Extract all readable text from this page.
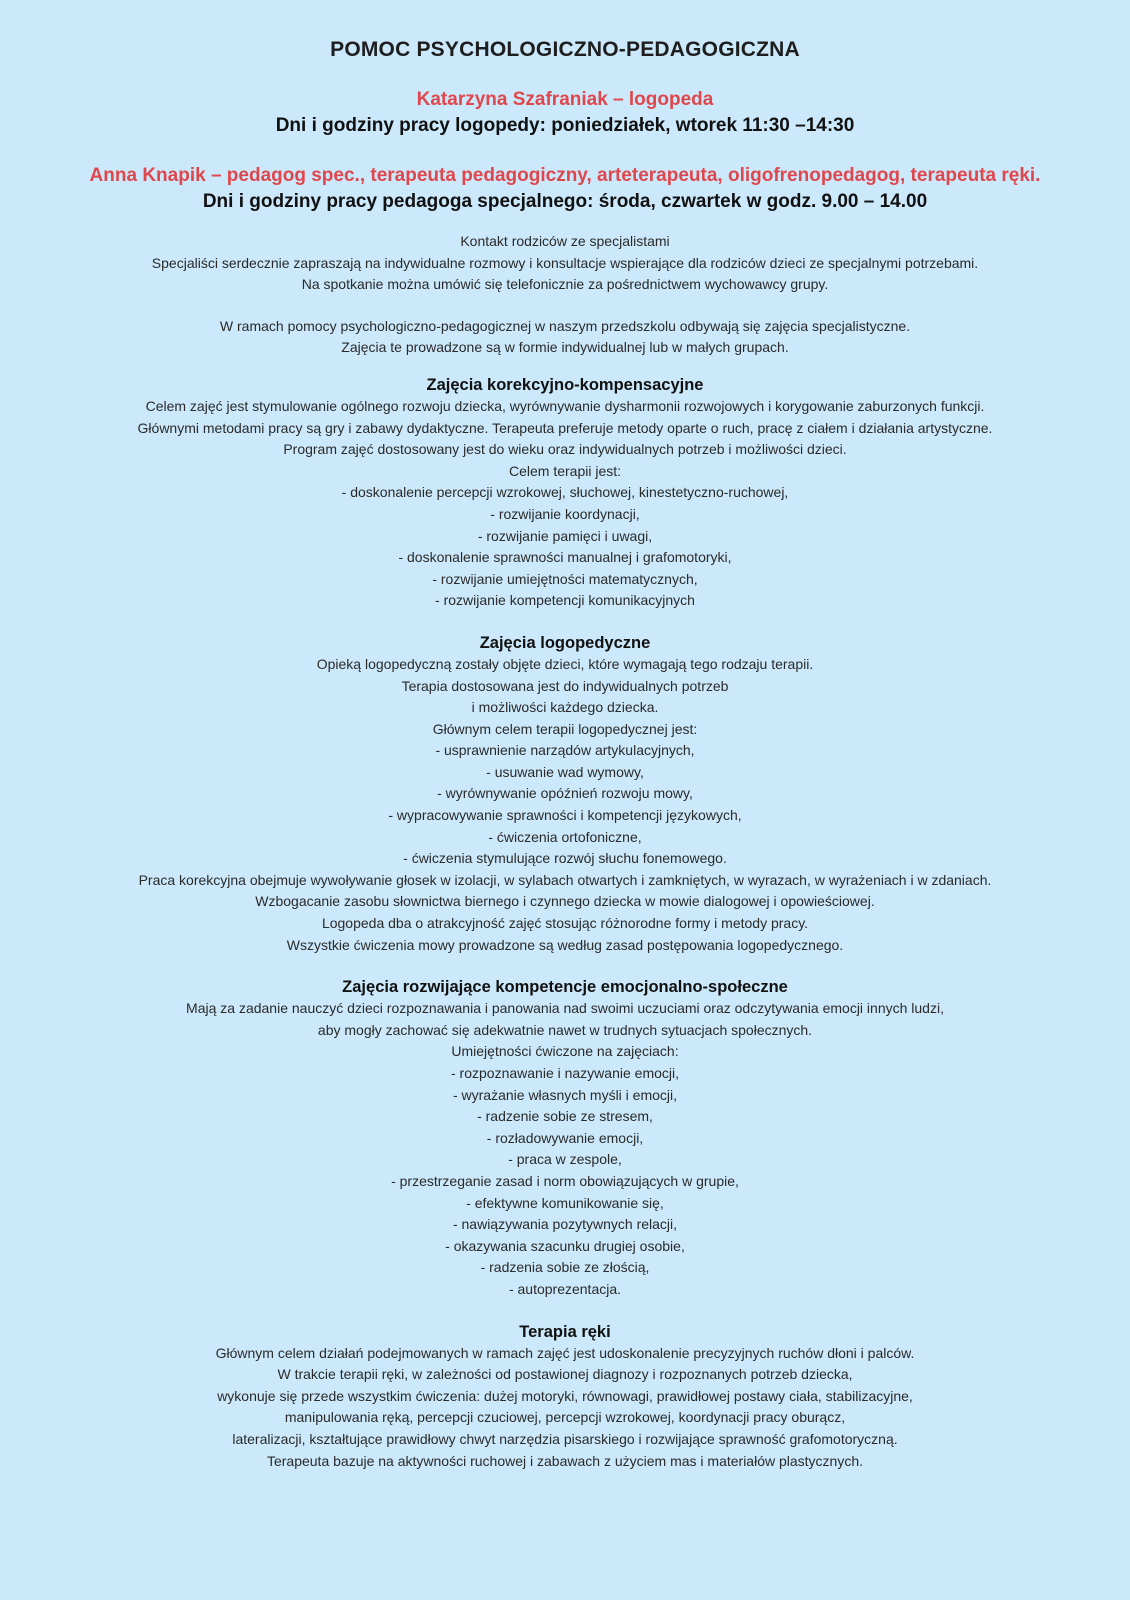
POMOC PSYCHOLOGICZNO-PEDAGOGICZNA
Katarzyna Szafraniak – logopeda
Dni i godziny pracy logopedy: poniedziałek, wtorek 11:30 –14:30
Anna Knapik – pedagog spec., terapeuta pedagogiczny, arteterapeuta, oligofrenopedagog, terapeuta ręki.
Dni i godziny pracy pedagoga specjalnego: środa, czwartek w godz. 9.00 – 14.00
Kontakt rodziców ze specjalistami
Specjaliści serdecznie zapraszają na indywidualne rozmowy i konsultacje wspierające dla rodziców dzieci ze specjalnymi potrzebami.
Na spotkanie można umówić się telefonicznie za pośrednictwem wychowawcy grupy.
W ramach pomocy psychologiczno-pedagogicznej w naszym przedszkolu odbywają się zajęcia specjalistyczne.
Zajęcia te prowadzone są w formie indywidualnej lub w małych grupach.
Zajęcia korekcyjno-kompensacyjne
Celem zajęć jest stymulowanie ogólnego rozwoju dziecka, wyrównywanie dysharmonii rozwojowych i korygowanie zaburzonych funkcji.
Głównymi metodami pracy są gry i zabawy dydaktyczne. Terapeuta preferuje metody oparte o ruch, pracę z ciałem i działania artystyczne.
Program zajęć dostosowany jest do wieku oraz indywidualnych potrzeb i możliwości dzieci.
Celem terapii jest:
- doskonalenie percepcji wzrokowej, słuchowej, kinestetyczno-ruchowej,
- rozwijanie koordynacji,
- rozwijanie pamięci i uwagi,
- doskonalenie sprawności manualnej i grafomotoryki,
- rozwijanie umiejętności matematycznych,
- rozwijanie kompetencji komunikacyjnych
Zajęcia logopedyczne
Opieką logopedyczną zostały objęte dzieci, które wymagają tego rodzaju terapii.
Terapia dostosowana jest do indywidualnych potrzeb
i możliwości każdego dziecka.
Głównym celem terapii logopedycznej jest:
- usprawnienie narządów artykulacyjnych,
- usuwanie wad wymowy,
- wyrównywanie opóźnień rozwoju mowy,
- wypracowywanie sprawności i kompetencji językowych,
- ćwiczenia ortofoniczne,
- ćwiczenia stymulujące rozwój słuchu fonemowego.
Praca korekcyjna obejmuje wywoływanie głosek w izolacji, w sylabach otwartych i zamkniętych, w wyrazach, w wyrażeniach i w zdaniach.
Wzbogacanie zasobu słownictwa biernego i czynnego dziecka w mowie dialogowej i opowieściowej.
Logopeda dba o atrakcyjność zajęć stosując różnorodne formy i metody pracy.
Wszystkie ćwiczenia mowy prowadzone są według zasad postępowania logopedycznego.
Zajęcia rozwijające kompetencje emocjonalno-społeczne
Mają za zadanie nauczyć dzieci rozpoznawania i panowania nad swoimi uczuciami oraz odczytywania emocji innych ludzi,
aby mogły zachować się adekwatnie nawet w trudnych sytuacjach społecznych.
Umiejętności ćwiczone na zajęciach:
- rozpoznawanie i nazywanie emocji,
- wyrażanie własnych myśli i emocji,
- radzenie sobie ze stresem,
- rozładowywanie emocji,
- praca w zespole,
- przestrzeganie zasad i norm obowiązujących w grupie,
- efektywne komunikowanie się,
- nawiązywania pozytywnych relacji,
- okazywania szacunku drugiej osobie,
- radzenia sobie ze złością,
- autoprezentacja.
Terapia ręki
Głównym celem działań podejmowanych w ramach zajęć jest udoskonalenie precyzyjnych ruchów dłoni i palców.
W trakcie terapii ręki, w zależności od postawionej diagnozy i rozpoznanych potrzeb dziecka,
wykonuje się przede wszystkim ćwiczenia: dużej motoryki, równowagi, prawidłowej postawy ciała, stabilizacyjne,
manipulowania ręką, percepcji czuciowej, percepcji wzrokowej, koordynacji pracy oburącz,
lateralizacji, kształtujące prawidłowy chwyt narzędzia pisarskiego i rozwijające sprawność grafomotoryczną.
Terapeuta bazuje na aktywności ruchowej i zabawach z użyciem mas i materiałów plastycznych.
